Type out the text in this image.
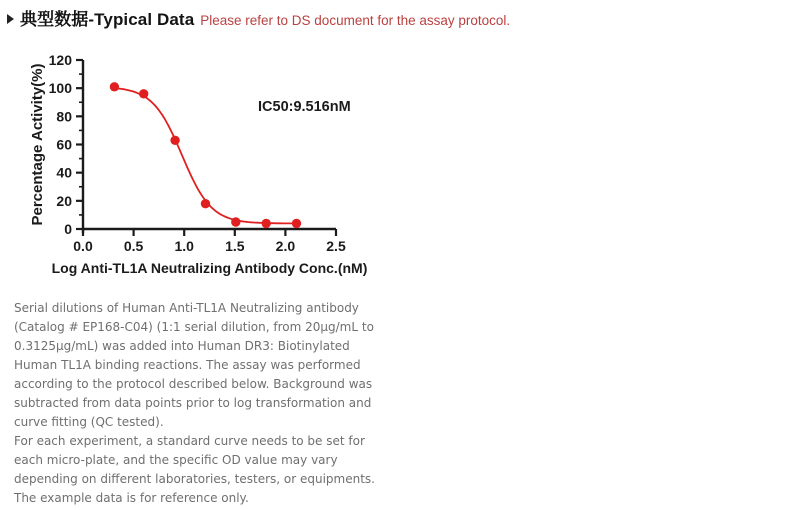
典型数据-Typical Data Please refer to DS document for the assay protocol.
0
20
40
60
80
100
120
0.0 0.5 1.0 1.5 2.0 2.5
IC50:9.516nM
Log Anti-TL1A Neutralizing Antibody Conc.(nM)
Percentage Activity(%)
Serial dilutions of Human Anti-TL1A Neutralizing antibody
(Catalog # EP168-C04) (1:1 serial dilution, from 20µg/mL to
0.3125µg/mL) was added into Human DR3: Biotinylated
Human TL1A binding reactions. The assay was performed
according to the protocol described below. Background was
subtracted from data points prior to log transformation and
curve fitting (QC tested).
For each experiment, a standard curve needs to be set for
each micro-plate, and the specific OD value may vary
depending on different laboratories, testers, or equipments.
The example data is for reference only.
